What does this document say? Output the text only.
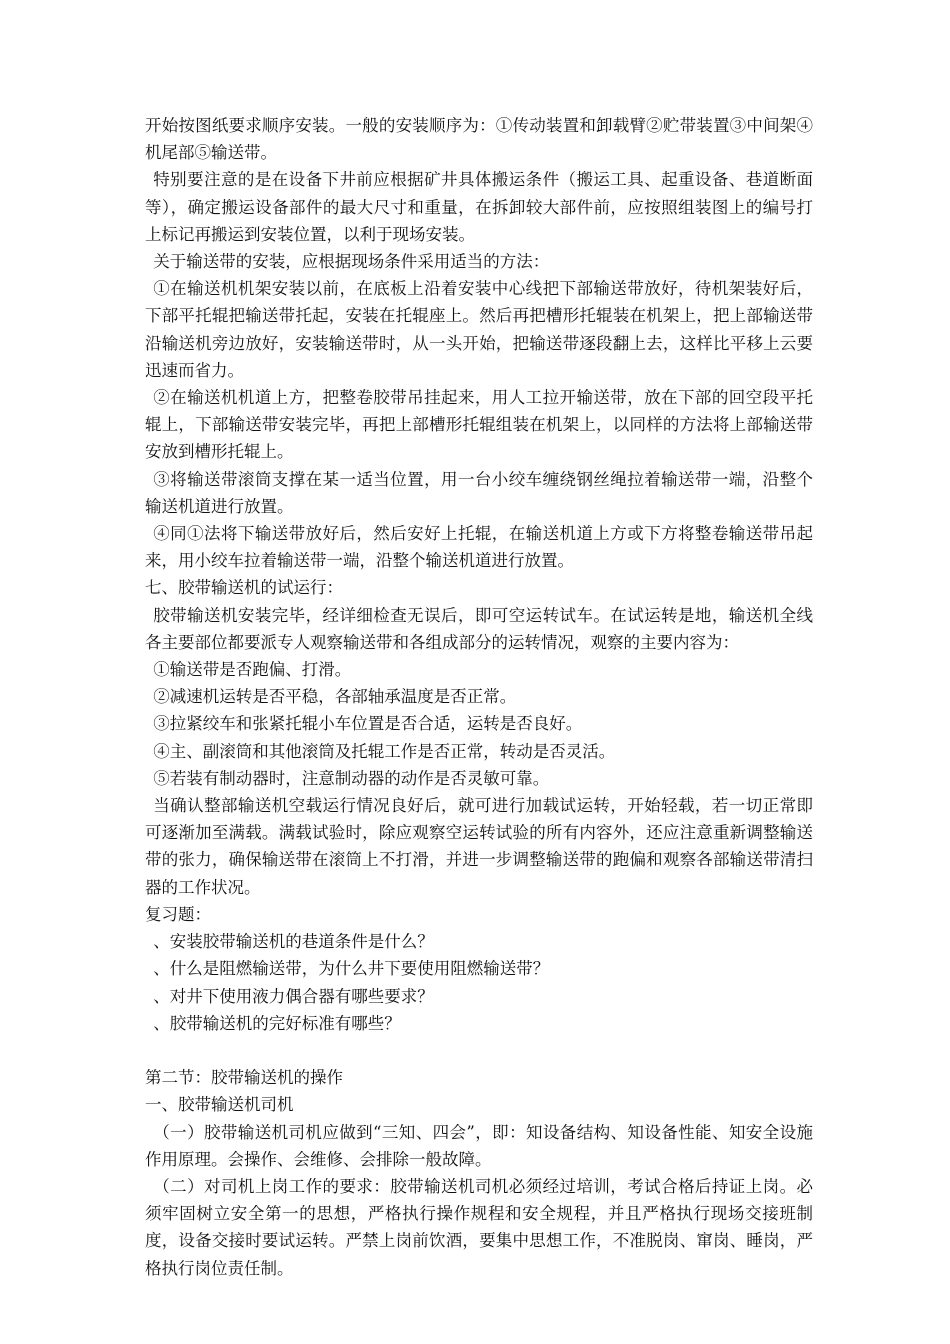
开始按图纸要求顺序安装。一般的安装顺序为：①传动装置和卸载臂②贮带装置③中间架④机尾部⑤输送带。

特别要注意的是在设备下井前应根据矿井具体搬运条件（搬运工具、起重设备、巷道断面等），确定搬运设备部件的最大尺寸和重量，在拆卸较大部件前，应按照组装图上的编号打上标记再搬运到安装位置，以利于现场安装。

关于输送带的安装，应根据现场条件采用适当的方法：

①在输送机机架安装以前，在底板上沿着安装中心线把下部输送带放好，待机架装好后，下部平托辊把输送带托起，安装在托辊座上。然后再把槽形托辊装在机架上，把上部输送带沿输送机旁边放好，安装输送带时，从一头开始，把输送带逐段翻上去，这样比平移上云要迅速而省力。

②在输送机机道上方，把整卷胶带吊挂起来，用人工拉开输送带，放在下部的回空段平托辊上，下部输送带安装完毕，再把上部槽形托辊组装在机架上，以同样的方法将上部输送带安放到槽形托辊上。

③将输送带滚筒支撑在某一适当位置，用一台小绞车缠绕钢丝绳拉着输送带一端，沿整个输送机道进行放置。

④同①法将下输送带放好后，然后安好上托辊，在输送机道上方或下方将整卷输送带吊起来，用小绞车拉着输送带一端，沿整个输送机道进行放置。

七、胶带输送机的试运行：

胶带输送机安装完毕，经详细检查无误后，即可空运转试车。在试运转是地，输送机全线各主要部位都要派专人观察输送带和各组成部分的运转情况，观察的主要内容为：

①输送带是否跑偏、打滑。

②减速机运转是否平稳，各部轴承温度是否正常。

③拉紧绞车和张紧托辊小车位置是否合适，运转是否良好。

④主、副滚筒和其他滚筒及托辊工作是否正常，转动是否灵活。

⑤若装有制动器时，注意制动器的动作是否灵敏可靠。

当确认整部输送机空载运行情况良好后，就可进行加载试运转，开始轻载，若一切正常即可逐渐加至满载。满载试验时，除应观察空运转试验的所有内容外，还应注意重新调整输送带的张力，确保输送带在滚筒上不打滑，并进一步调整输送带的跑偏和观察各部输送带清扫器的工作状况。

复习题：

、安装胶带输送机的巷道条件是什么？

、什么是阻燃输送带，为什么井下要使用阻燃输送带？

、对井下使用液力偶合器有哪些要求？

、胶带输送机的完好标准有哪些？

第二节：胶带输送机的操作

一、胶带输送机司机

（一）胶带输送机司机应做到“三知、四会”，即：知设备结构、知设备性能、知安全设施作用原理。会操作、会维修、会排除一般故障。

（二）对司机上岗工作的要求：胶带输送机司机必须经过培训，考试合格后持证上岗。必须牢固树立安全第一的思想，严格执行操作规程和安全规程，并且严格执行现场交接班制度，设备交接时要试运转。严禁上岗前饮酒，要集中思想工作，不准脱岗、窜岗、睡岗，严格执行岗位责任制。
